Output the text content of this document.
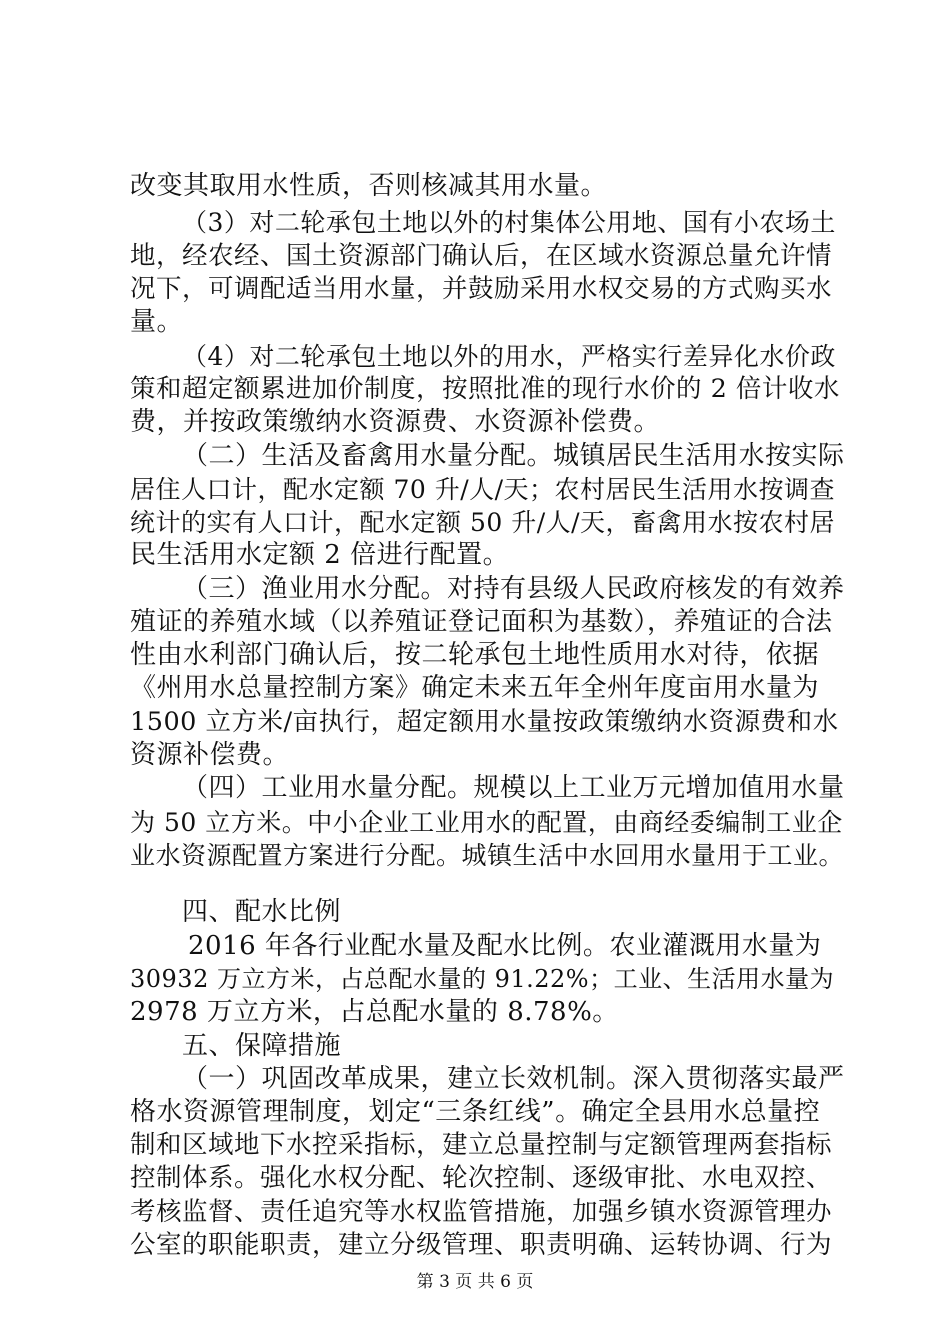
改变其取用水性质，否则核减其用水量。
（3）对二轮承包土地以外的村集体公用地、国有小农场土
地，经农经、国土资源部门确认后，在区域水资源总量允许情
况下，可调配适当用水量，并鼓励采用水权交易的方式购买水
量。
（4）对二轮承包土地以外的用水，严格实行差异化水价政
策和超定额累进加价制度，按照批准的现行水价的 2 倍计收水
费，并按政策缴纳水资源费、水资源补偿费。
（二）生活及畜禽用水量分配。城镇居民生活用水按实际
居住人口计，配水定额 70 升/人/天；农村居民生活用水按调查
统计的实有人口计，配水定额 50 升/人/天，畜禽用水按农村居
民生活用水定额 2 倍进行配置。
（三）渔业用水分配。对持有县级人民政府核发的有效养
殖证的养殖水域（以养殖证登记面积为基数），养殖证的合法
性由水利部门确认后，按二轮承包土地性质用水对待，依据
《州用水总量控制方案》确定未来五年全州年度亩用水量为
1500 立方米/亩执行，超定额用水量按政策缴纳水资源费和水
资源补偿费。
（四）工业用水量分配。规模以上工业万元增加值用水量
为 50 立方米。中小企业工业用水的配置，由商经委编制工业企
业水资源配置方案进行分配。城镇生活中水回用水量用于工业。
四、配水比例
2016 年各行业配水量及配水比例。农业灌溉用水量为
30932 万立方米，占总配水量的 91.22%；工业、生活用水量为
2978 万立方米，占总配水量的 8.78%。
五、保障措施
（一）巩固改革成果，建立长效机制。深入贯彻落实最严
格水资源管理制度，划定“三条红线”。确定全县用水总量控
制和区域地下水控采指标，建立总量控制与定额管理两套指标
控制体系。强化水权分配、轮次控制、逐级审批、水电双控、
考核监督、责任追究等水权监管措施，加强乡镇水资源管理办
公室的职能职责，建立分级管理、职责明确、运转协调、行为
第 3 页 共 6 页
